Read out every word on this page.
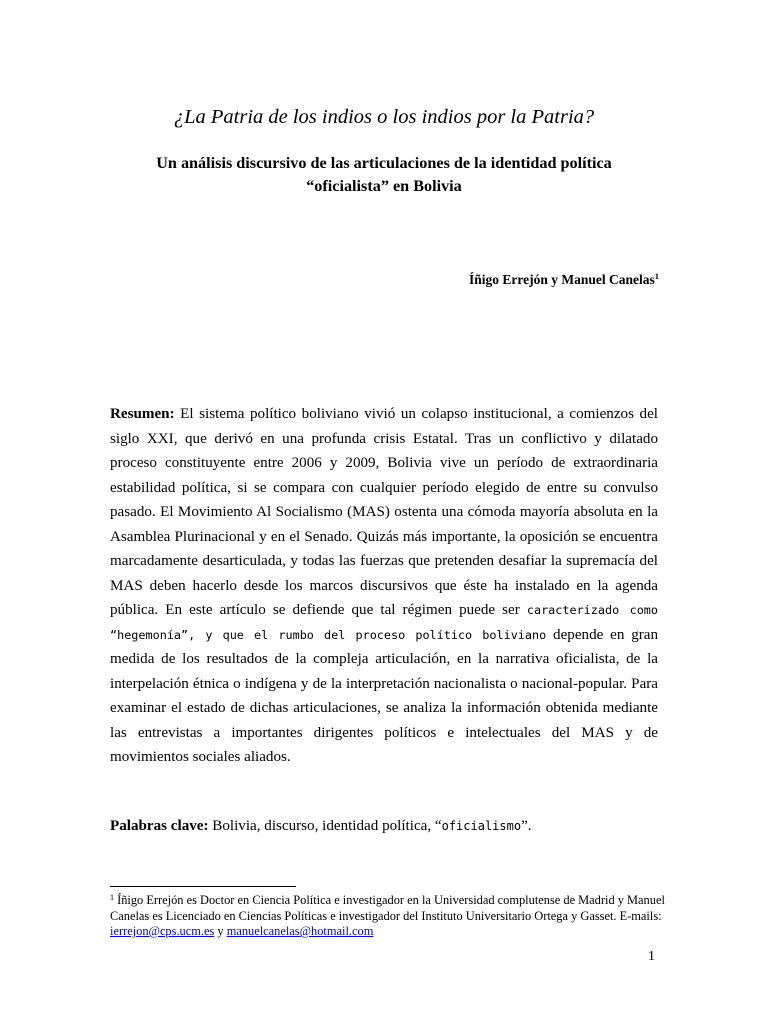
¿La Patria de los indios o los indios por la Patria?
Un análisis discursivo de las articulaciones de la identidad política
“oficialista” en Bolivia
Íñigo Errejón y Manuel Canelas$^1$

Resumen: El sistema político boliviano vivió un colapso institucional, a comienzos del siglo XXI, que derivó en una profunda crisis Estatal. Tras un conflictivo y dilatado proceso constituyente entre 2006 y 2009, Bolivia vive un período de extraordinaria estabilidad política, si se compara con cualquier período elegido de entre su convulso pasado. El Movimiento Al Socialismo (MAS) ostenta una cómoda mayoría absoluta en la Asamblea Plurinacional y en el Senado. Quizás más importante, la oposición se encuentra marcadamente desarticulada, y todas las fuerzas que pretenden desafiar la supremacía del MAS deben hacerlo desde los marcos discursivos que éste ha instalado en la agenda pública. En este artículo se defiende que tal régimen puede ser caracterizado como “hegemonía”, y que el rumbo del proceso político boliviano depende en gran medida de los resultados de la compleja articulación, en la narrativa oficialista, de la interpelación étnica o indígena y de la interpretación nacionalista o nacional-popular. Para examinar el estado de dichas articulaciones, se analiza la información obtenida mediante las entrevistas a importantes dirigentes políticos e intelectuales del MAS y de movimientos sociales aliados.

Palabras clave: Bolivia, discurso, identidad política, “oficialismo”.

$^1$ Íñigo Errejón es Doctor en Ciencia Política e investigador en la Universidad complutense de Madrid y Manuel Canelas es Licenciado en Ciencias Políticas e investigador del Instituto Universitario Ortega y Gasset. E-mails: ierrejon@cps.ucm.es y manuelcanelas@hotmail.com

1
